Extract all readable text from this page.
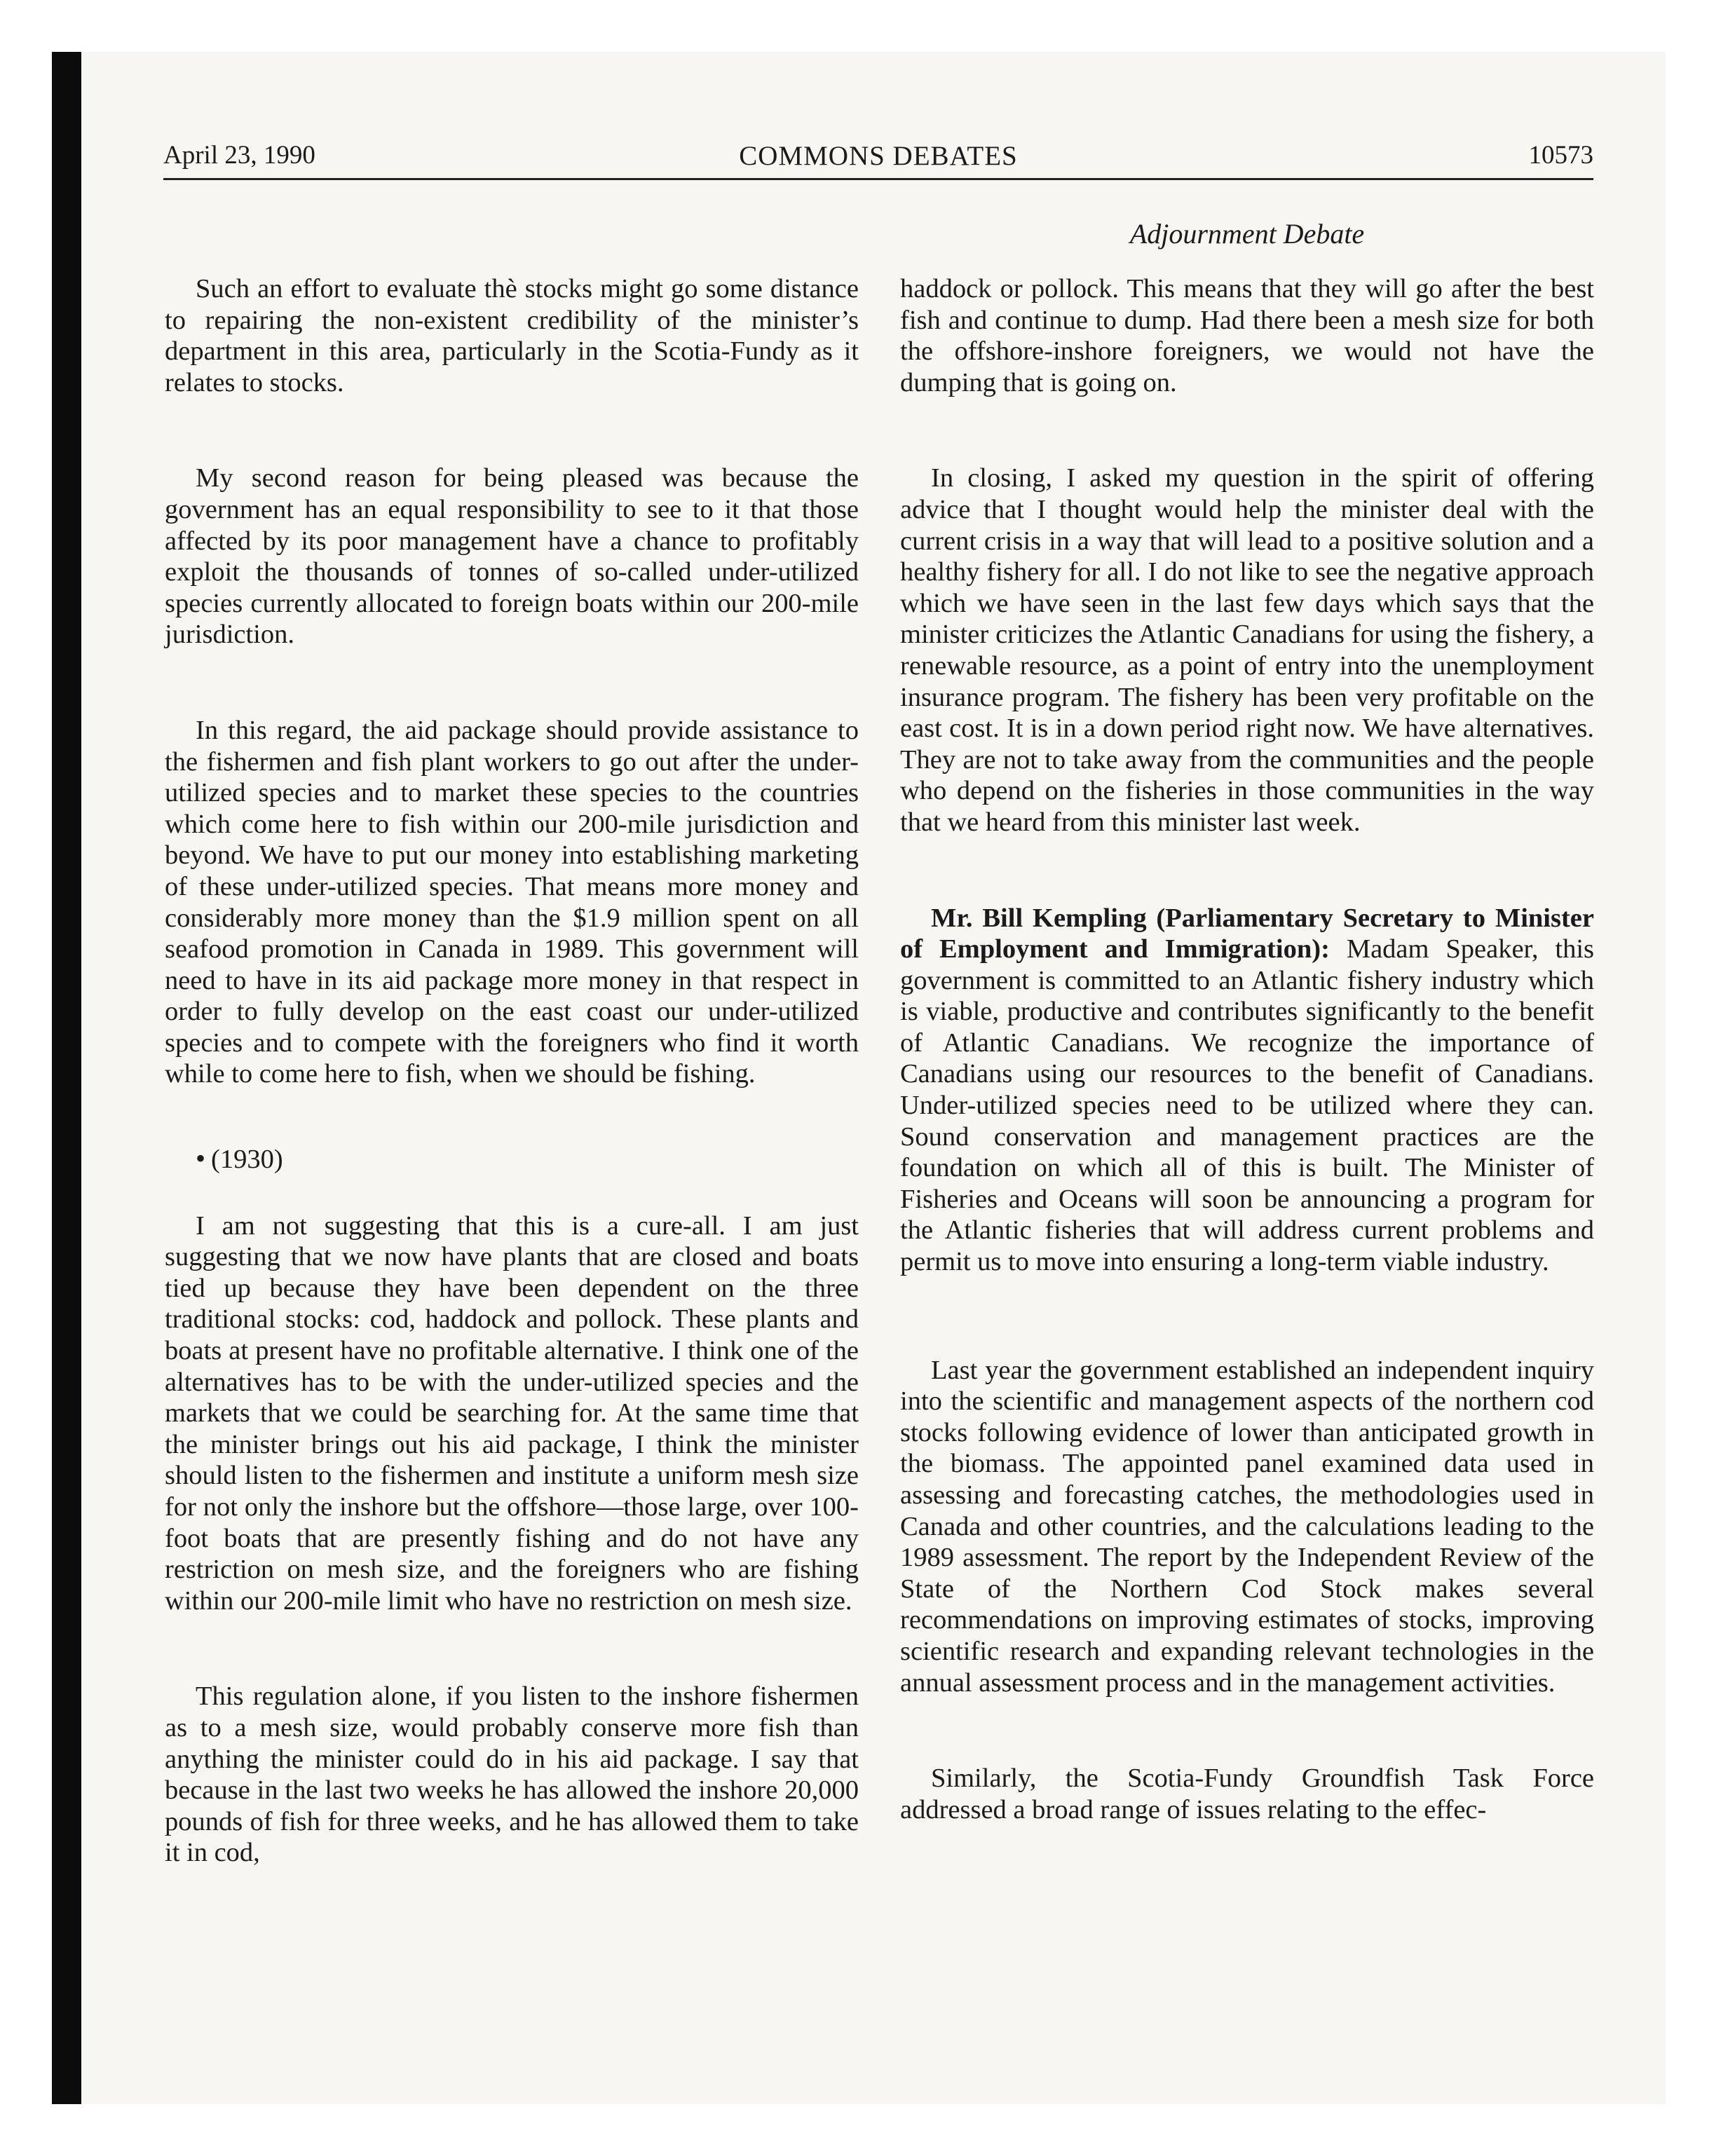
April 23, 1990	COMMONS DEBATES	10573
Adjournment Debate

Such an effort to evaluate thè stocks might go some distance to repairing the non-existent credibility of the minister’s department in this area, particularly in the Scotia-Fundy as it relates to stocks.

My second reason for being pleased was because the government has an equal responsibility to see to it that those affected by its poor management have a chance to profitably exploit the thousands of tonnes of so-called under-utilized species currently allocated to foreign boats within our 200-mile jurisdiction.

In this regard, the aid package should provide assistance to the fishermen and fish plant workers to go out after the under-utilized species and to market these species to the countries which come here to fish within our 200-mile jurisdiction and beyond. We have to put our money into establishing marketing of these under-utilized species. That means more money and considerably more money than the $1.9 million spent on all seafood promotion in Canada in 1989. This government will need to have in its aid package more money in that respect in order to fully develop on the east coast our under-utilized species and to compete with the foreigners who find it worth while to come here to fish, when we should be fishing.

• (1930)

I am not suggesting that this is a cure-all. I am just suggesting that we now have plants that are closed and boats tied up because they have been dependent on the three traditional stocks: cod, haddock and pollock. These plants and boats at present have no profitable alternative. I think one of the alternatives has to be with the under-utilized species and the markets that we could be searching for. At the same time that the minister brings out his aid package, I think the minister should listen to the fishermen and institute a uniform mesh size for not only the inshore but the offshore—those large, over 100-foot boats that are presently fishing and do not have any restriction on mesh size, and the foreigners who are fishing within our 200-mile limit who have no restriction on mesh size.

This regulation alone, if you listen to the inshore fishermen as to a mesh size, would probably conserve more fish than anything the minister could do in his aid package. I say that because in the last two weeks he has allowed the inshore 20,000 pounds of fish for three weeks, and he has allowed them to take it in cod,

haddock or pollock. This means that they will go after the best fish and continue to dump. Had there been a mesh size for both the offshore-inshore foreigners, we would not have the dumping that is going on.

In closing, I asked my question in the spirit of offering advice that I thought would help the minister deal with the current crisis in a way that will lead to a positive solution and a healthy fishery for all. I do not like to see the negative approach which we have seen in the last few days which says that the minister criticizes the Atlantic Canadians for using the fishery, a renewable resource, as a point of entry into the unemployment insurance program. The fishery has been very profitable on the east cost. It is in a down period right now. We have alternatives. They are not to take away from the communities and the people who depend on the fisheries in those communities in the way that we heard from this minister last week.

Mr. Bill Kempling (Parliamentary Secretary to Minister of Employment and Immigration): Madam Speaker, this government is committed to an Atlantic fishery industry which is viable, productive and contributes significantly to the benefit of Atlantic Canadians. We recognize the importance of Canadians using our resources to the benefit of Canadians. Under-utilized species need to be utilized where they can. Sound conservation and management practices are the foundation on which all of this is built. The Minister of Fisheries and Oceans will soon be announcing a program for the Atlantic fisheries that will address current problems and permit us to move into ensuring a long-term viable industry.

Last year the government established an independent inquiry into the scientific and management aspects of the northern cod stocks following evidence of lower than anticipated growth in the biomass. The appointed panel examined data used in assessing and forecasting catches, the methodologies used in Canada and other countries, and the calculations leading to the 1989 assessment. The report by the Independent Review of the State of the Northern Cod Stock makes several recommendations on improving estimates of stocks, improving scientific research and expanding relevant technologies in the annual assessment process and in the management activities.

Similarly, the Scotia-Fundy Groundfish Task Force addressed a broad range of issues relating to the effec-
